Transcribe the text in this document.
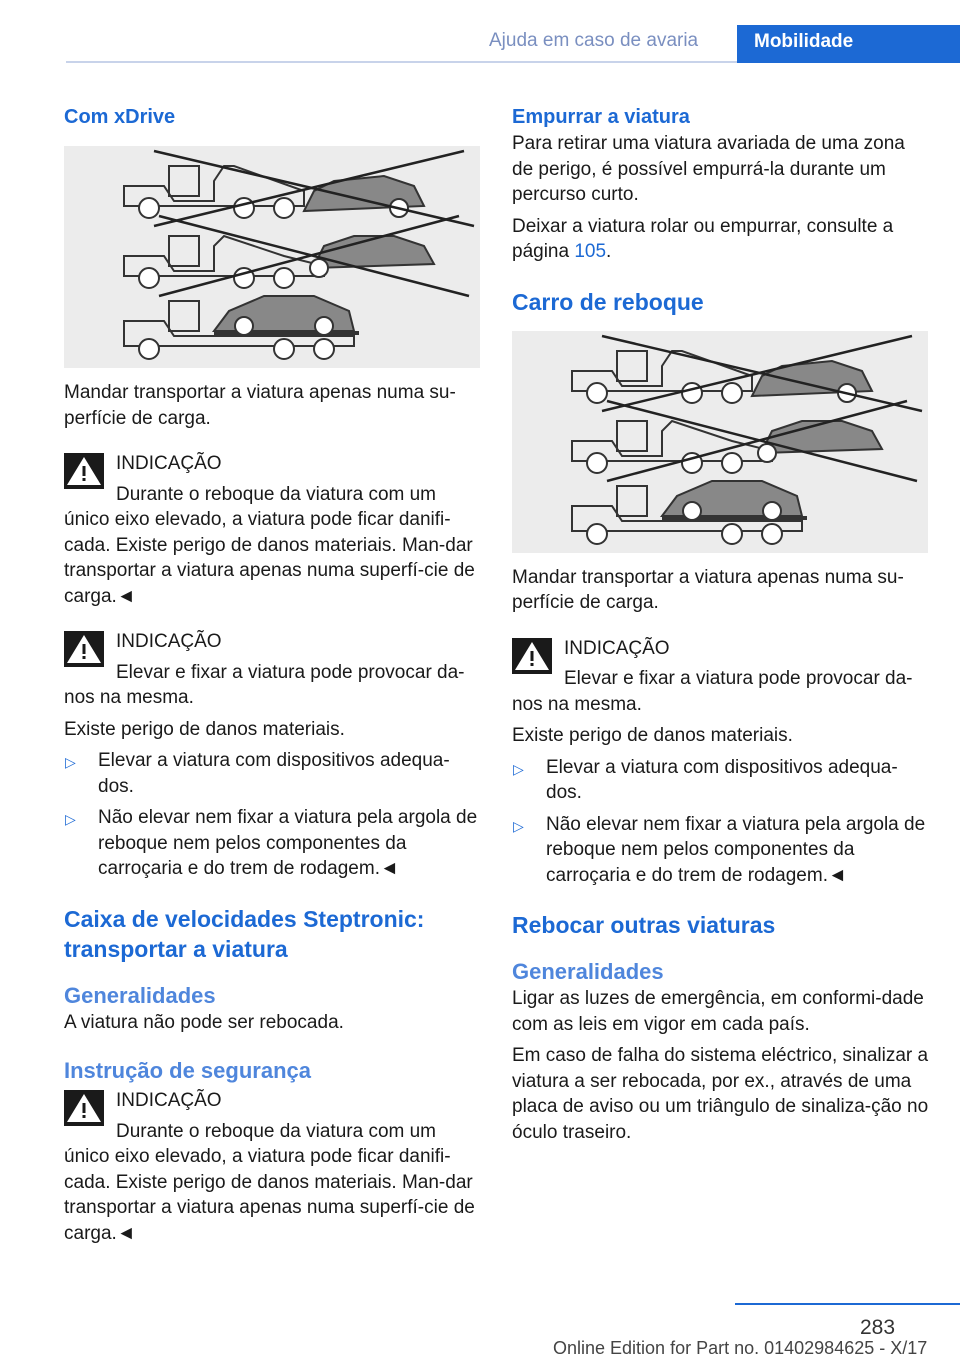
Ajuda em caso de avaria	Mobilidade
Com xDrive

Mandar transportar a viatura apenas numa su-perfície de carga.

INDICAÇÃO

Durante o reboque da viatura com um único eixo elevado, a viatura pode ficar danifi-cada. Existe perigo de danos materiais. Man-dar transportar a viatura apenas numa superfí-cie de carga.◄

INDICAÇÃO

Elevar e fixar a viatura pode provocar da-nos na mesma.

Existe perigo de danos materiais.

▷ Elevar a viatura com dispositivos adequa-dos.
▷ Não elevar nem fixar a viatura pela argola de reboque nem pelos componentes da carroçaria e do trem de rodagem.◄
Caixa de velocidades Steptronic: transportar a viatura
Generalidades

A viatura não pode ser rebocada.

Instrução de segurança
INDICAÇÃO

Durante o reboque da viatura com um único eixo elevado, a viatura pode ficar danifi-cada. Existe perigo de danos materiais. Man-dar transportar a viatura apenas numa superfí-cie de carga.◄

Empurrar a viatura

Para retirar uma viatura avariada de uma zona de perigo, é possível empurrá-la durante um percurso curto.

Deixar a viatura rolar ou empurrar, consulte a página 105.

Carro de reboque

Mandar transportar a viatura apenas numa su-perfície de carga.

INDICAÇÃO

Elevar e fixar a viatura pode provocar da-nos na mesma.

Existe perigo de danos materiais.

▷ Elevar a viatura com dispositivos adequa-dos.
▷ Não elevar nem fixar a viatura pela argola de reboque nem pelos componentes da carroçaria e do trem de rodagem.◄
Rebocar outras viaturas
Generalidades

Ligar as luzes de emergência, em conformi-dade com as leis em vigor em cada país.

Em caso de falha do sistema eléctrico, sinalizar a viatura a ser rebocada, por ex., através de uma placa de aviso ou um triângulo de sinaliza-ção no óculo traseiro.

283
Online Edition for Part no. 01402984625 - X/17
